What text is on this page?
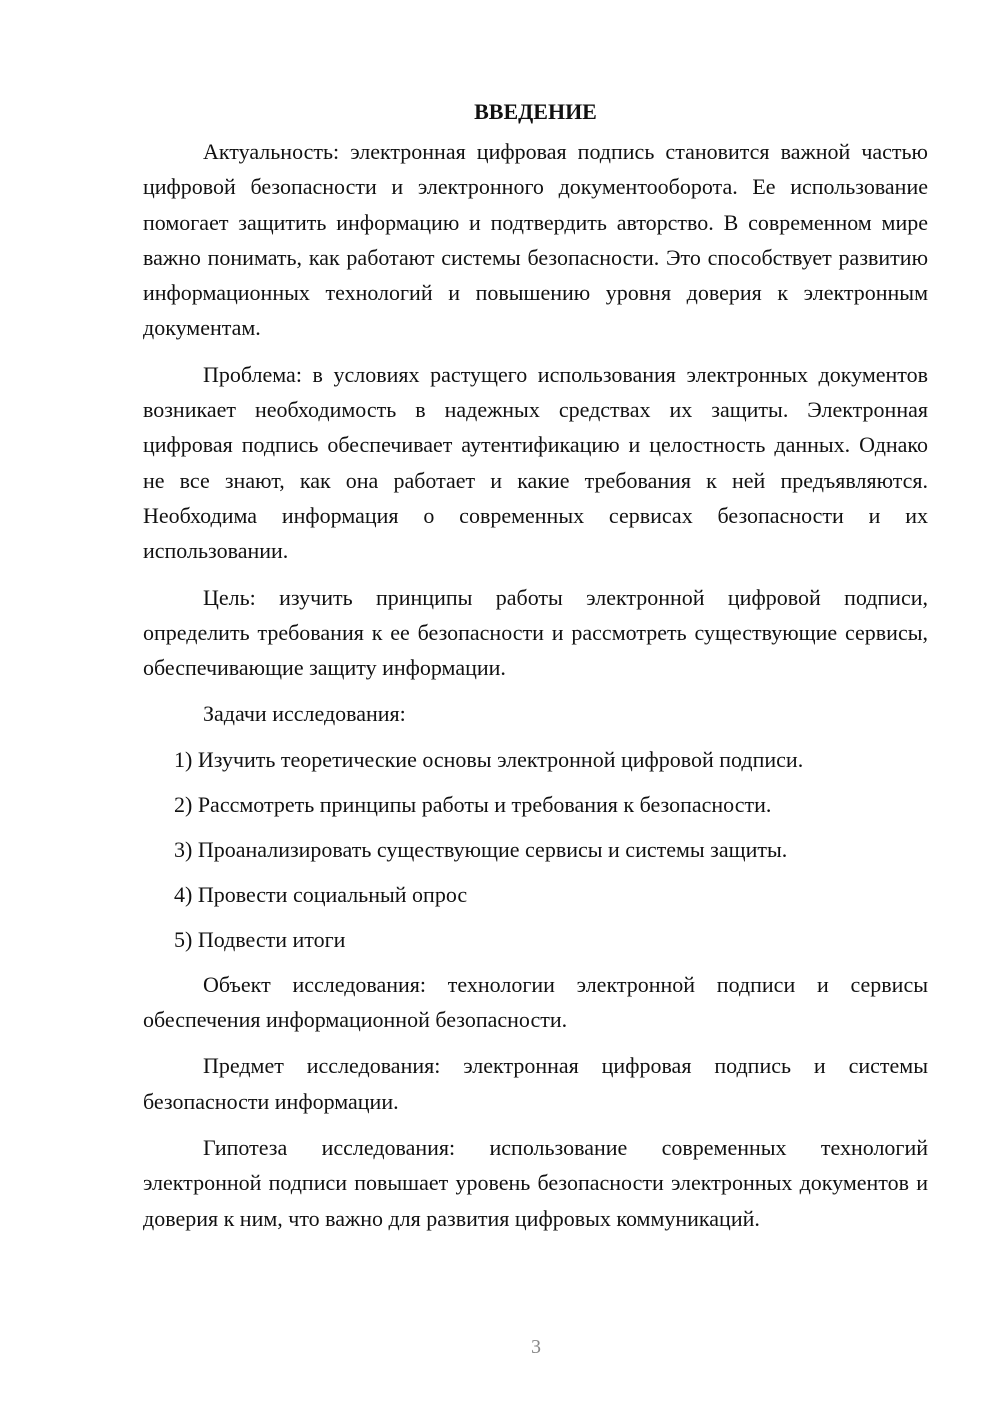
ВВЕДЕНИЕ

Актуальность: электронная цифровая подпись становится важной частью цифровой безопасности и электронного документооборота. Ее использование помогает защитить информацию и подтвердить авторство. В современном мире важно понимать, как работают системы безопасности. Это способствует развитию информационных технологий и повышению уровня доверия к электронным документам.

Проблема: в условиях растущего использования электронных документов возникает необходимость в надежных средствах их защиты. Электронная цифровая подпись обеспечивает аутентификацию и целостность данных. Однако не все знают, как она работает и какие требования к ней предъявляются. Необходима информация о современных сервисах безопасности и их использовании.

Цель: изучить принципы работы электронной цифровой подписи, определить требования к ее безопасности и рассмотреть существующие сервисы, обеспечивающие защиту информации.

Задачи исследования:

1) Изучить теоретические основы электронной цифровой подписи.
2) Рассмотреть принципы работы и требования к безопасности.
3) Проанализировать существующие сервисы и системы защиты.
4) Провести социальный опрос
5) Подвести итоги

Объект исследования: технологии электронной подписи и сервисы обеспечения информационной безопасности.

Предмет исследования: электронная цифровая подпись и системы безопасности информации.

Гипотеза исследования: использование современных технологий электронной подписи повышает уровень безопасности электронных документов и доверия к ним, что важно для развития цифровых коммуникаций.

3
